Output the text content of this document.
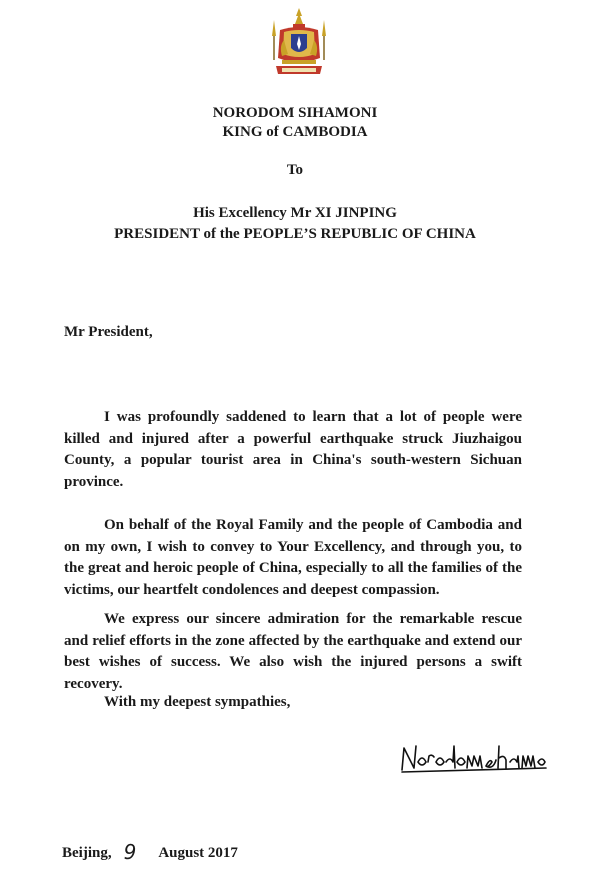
NORODOM SIHAMONI
KING of CAMBODIA
To
His Excellency Mr XI JINPING
PRESIDENT of the PEOPLE’S REPUBLIC OF CHINA
Mr President,

I was profoundly saddened to learn that a lot of people were killed and injured after a powerful earthquake struck Jiuzhaigou County, a popular tourist area in China's south-western Sichuan province.

On behalf of the Royal Family and the people of Cambodia and on my own, I wish to convey to Your Excellency, and through you, to the great and heroic people of China, especially to all the families of the victims, our heartfelt condolences and deepest compassion.

We express our sincere admiration for the remarkable rescue and relief efforts in the zone affected by the earthquake and extend our best wishes of success. We also wish the injured persons a swift recovery.

With my deepest sympathies,
Beijing, 9 August 2017
